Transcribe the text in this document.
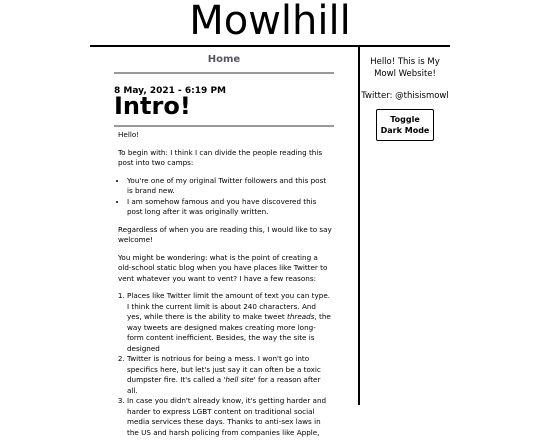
Mowlhill
Home
8 May, 2021 - 6:19 PM
Intro!

Hello!

To begin with: I think I can divide the people reading this post into two camps:

• You're one of my original Twitter followers and this post is brand new.
• I am somehow famous and you have discovered this post long after it was originally written.

Regardless of when you are reading this, I would like to say welcome!

You might be wondering: what is the point of creating a old-school static blog when you have places like Twitter to vent whatever you want to vent? I have a few reasons:

1. Places like Twitter limit the amount of text you can type. I think the current limit is about 240 characters. And yes, while there is the ability to make tweet threads, the way tweets are designed makes creating more long-form content inefficient. Besides, the way the site is designed
2. Twitter is notrious for being a mess. I won't go into specifics here, but let's just say it can often be a toxic dumpster fire. It's called a 'hell site' for a reason after all.
3. In case you didn't already know, it's getting harder and harder to express LGBT content on traditional social media services these days. Thanks to anti-sex laws in the US and harsh policing from companies like Apple,
Hello! This is My Mowl Website!
Twitter: @thisismowl
Toggle Dark Mode
